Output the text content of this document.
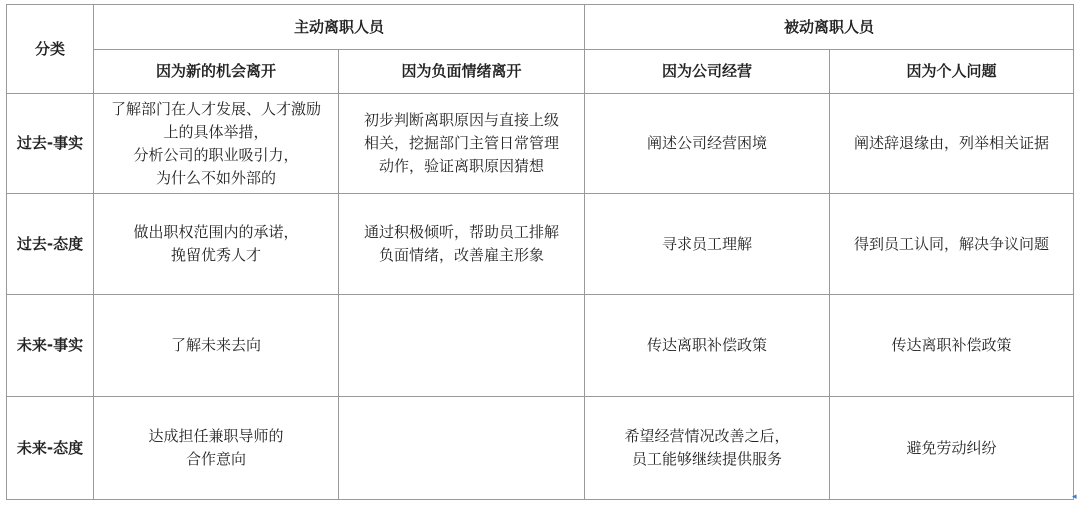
分类	主动离职人员		被动离职人员	
	因为新的机会离开	因为负面情绪离开	因为公司经营	因为个人问题
过去-事实	了解部门在人才发展、人才激励
上的具体举措，
分析公司的职业吸引力，
为什么不如外部的	初步判断离职原因与直接上级
相关，挖掘部门主管日常管理
动作，验证离职原因猜想	阐述公司经营困境	阐述辞退缘由，列举相关证据

过去-态度	做出职权范围内的承诺，
挽留优秀人才	通过积极倾听，帮助员工排解
负面情绪，改善雇主形象	寻求员工理解	得到员工认同，解决争议问题

未来-事实	了解未来去向		传达离职补偿政策	传达离职补偿政策

未来-态度	达成担任兼职导师的
合作意向		希望经营情况改善之后，
员工能够继续提供服务	避免劳动纠纷
◂
